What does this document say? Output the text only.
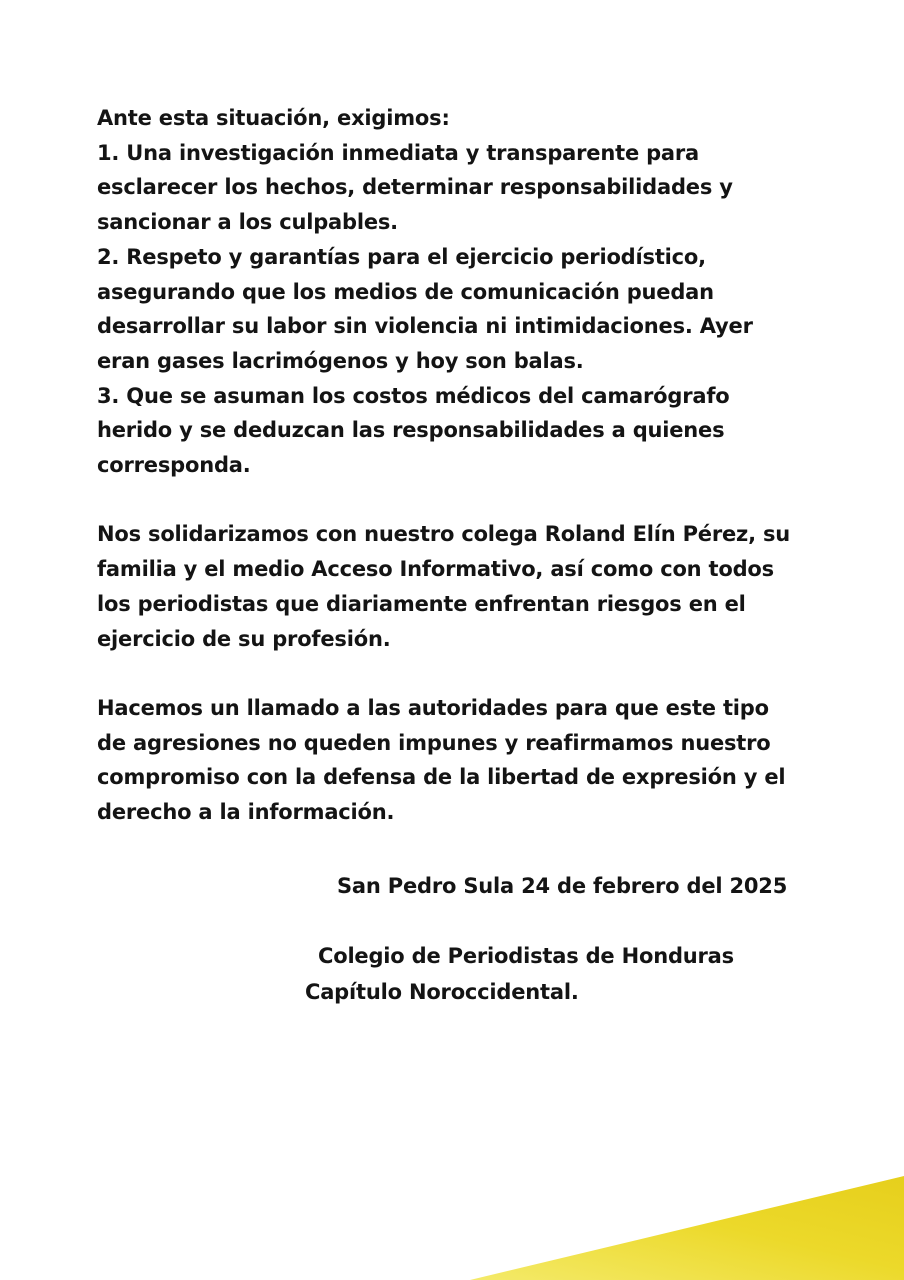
Ante esta situación, exigimos:

1. Una investigación inmediata y transparente para

esclarecer los hechos, determinar responsabilidades y

sancionar a los culpables.

2. Respeto y garantías para el ejercicio periodístico,

asegurando que los medios de comunicación puedan

desarrollar su labor sin violencia ni intimidaciones. Ayer

eran gases lacrimógenos y hoy son balas.

3. Que se asuman los costos médicos del camarógrafo

herido y se deduzcan las responsabilidades a quienes

corresponda.

Nos solidarizamos con nuestro colega Roland Elín Pérez, su

familia y el medio Acceso Informativo, así como con todos

los periodistas que diariamente enfrentan riesgos en el

ejercicio de su profesión.

Hacemos un llamado a las autoridades para que este tipo

de agresiones no queden impunes y reafirmamos nuestro

compromiso con la defensa de la libertad de expresión y el

derecho a la información.

San Pedro Sula 24 de febrero del 2025
Colegio de Periodistas de Honduras
Capítulo Noroccidental.
